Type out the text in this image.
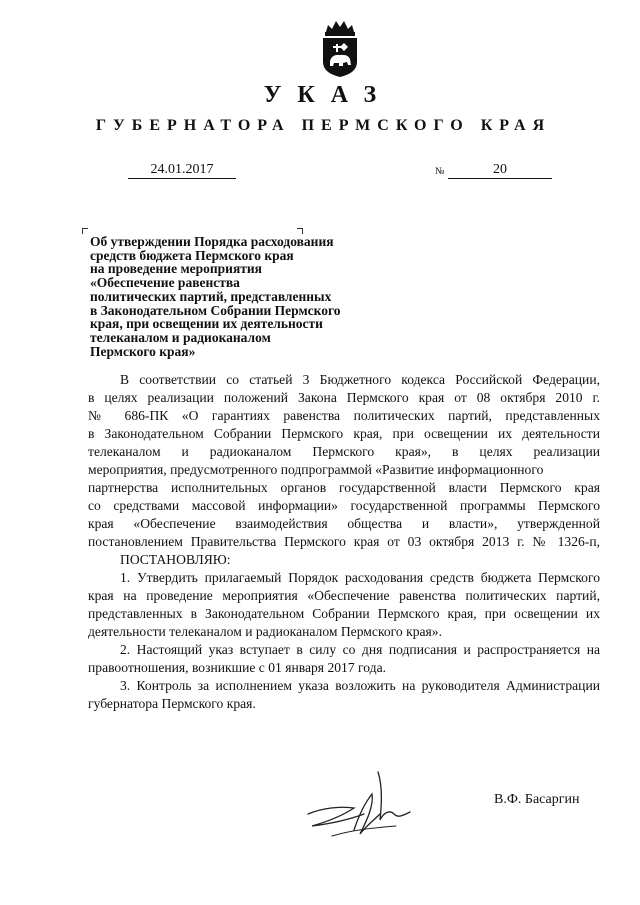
УКАЗ
ГУБЕРНАТОРА ПЕРМСКОГО КРАЯ
24.01.2017	№	20
Об утверждении Порядка расходования
средств бюджета Пермского края
на проведение мероприятия
«Обеспечение равенства
политических партий, представленных
в Законодательном Собрании Пермского
края, при освещении их деятельности
телеканалом и радиоканалом
Пермского края»
В соответствии со статьей 3 Бюджетного кодекса Российской Федерации,
в целях реализации положений Закона Пермского края от 08 октября 2010 г.
№ 686-ПК «О гарантиях равенства политических партий, представленных
в Законодательном Собрании Пермского края, при освещении их деятельности
телеканалом и радиоканалом Пермского края», в целях реализации
мероприятия, предусмотренного подпрограммой «Развитие информационного
партнерства исполнительных органов государственной власти Пермского края
со средствами массовой информации» государственной программы Пермского
края «Обеспечение взаимодействия общества и власти», утвержденной
постановлением Правительства Пермского края от 03 октября 2013 г. № 1326-п,
ПОСТАНОВЛЯЮ:
1. Утвердить прилагаемый Порядок расходования средств бюджета Пермского края на проведение мероприятия «Обеспечение равенства политических партий, представленных в Законодательном Собрании Пермского края, при освещении их деятельности телеканалом и радиоканалом Пермского края».
2. Настоящий указ вступает в силу со дня подписания и распространяется на правоотношения, возникшие с 01 января 2017 года.
3. Контроль за исполнением указа возложить на руководителя Администрации губернатора Пермского края.
В.Ф. Басаргин
